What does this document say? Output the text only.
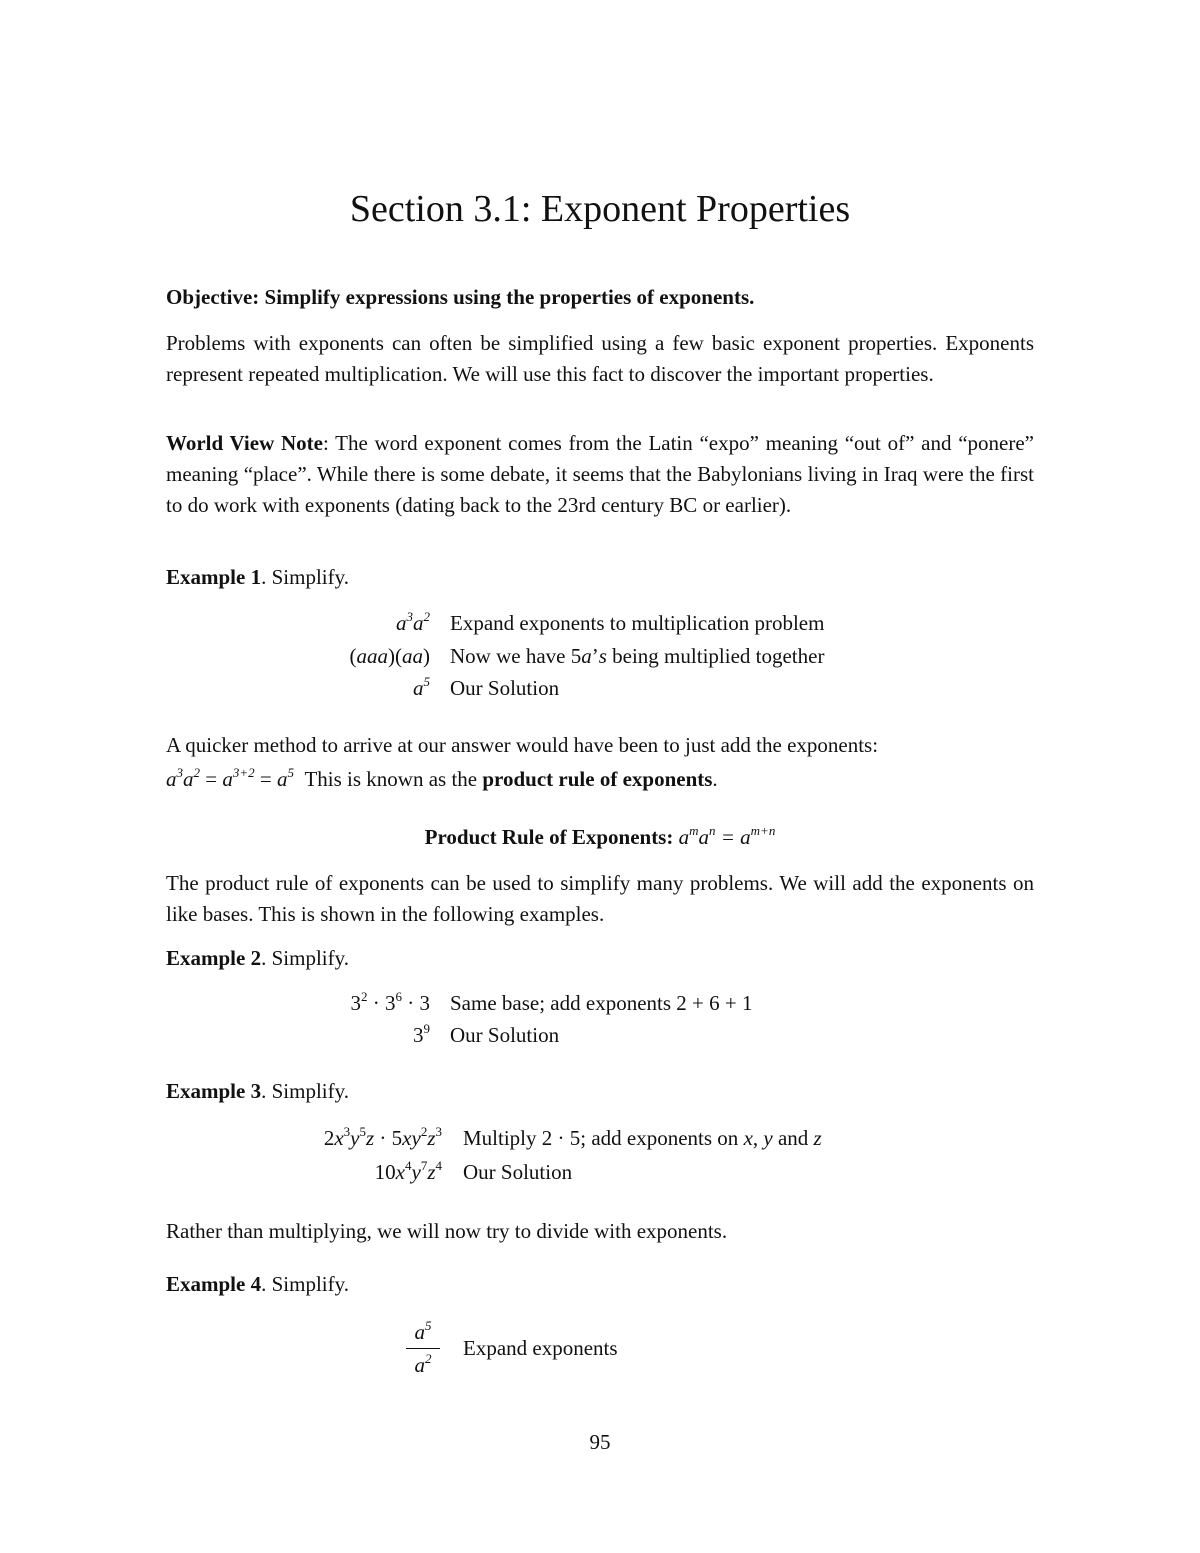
Section 3.1: Exponent Properties

Objective: Simplify expressions using the properties of exponents.

Problems with exponents can often be simplified using a few basic exponent properties. Exponents represent repeated multiplication. We will use this fact to discover the important properties.

World View Note: The word exponent comes from the Latin “expo” meaning “out of” and “ponere” meaning “place”. While there is some debate, it seems that the Babylonians living in Iraq were the first to do work with exponents (dating back to the 23rd century BC or earlier).

Example 1. Simplify.

$a^3a^2$ Expand exponents to multiplication problem
(aaa)(aa) Now we have 5a’s being multiplied together
$a^5$ Our Solution

A quicker method to arrive at our answer would have been to just add the exponents:

$a^3a^2 = a^{3+2} = a^5$ This is known as the product rule of exponents.
Product Rule of Exponents: $a^ma^n = a^{m+n}$

The product rule of exponents can be used to simplify many problems. We will add the exponents on like bases. This is shown in the following examples.

Example 2. Simplify.

$3^2 \cdot 3^6 \cdot 3$ Same base; add exponents 2 + 6 + 1
$3^9$ Our Solution

Example 3. Simplify.

$2x^3y^5z \cdot 5xy^2z^3$ Multiply 2 · 5; add exponents on x, y and z
$10x^4y^7z^4$ Our Solution

Rather than multiplying, we will now try to divide with exponents.

Example 4. Simplify.

$a^5$
$a^2$	Expand exponents
95
